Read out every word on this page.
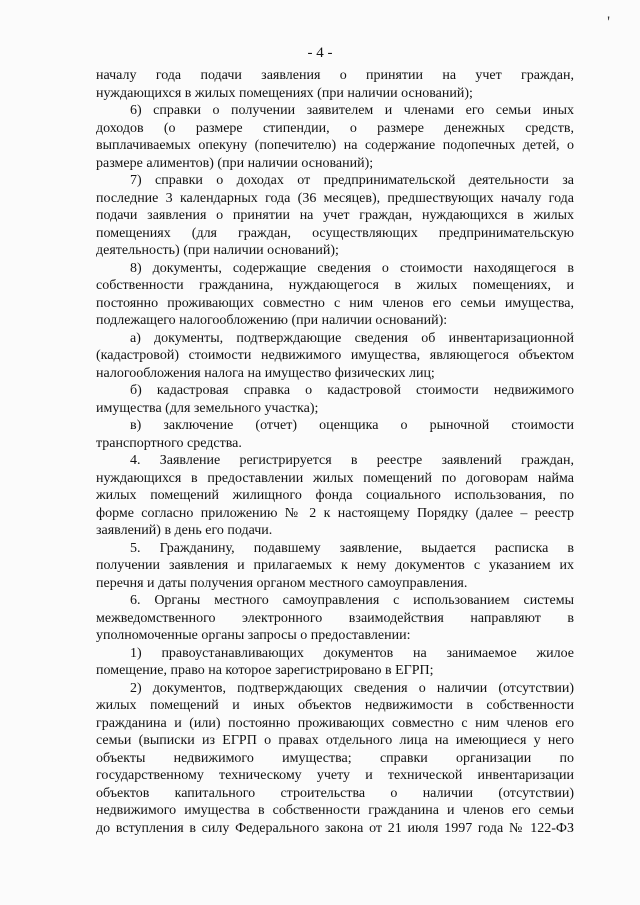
'
- 4 -
началу года подачи заявления о принятии на учет граждан,
нуждающихся в жилых помещениях (при наличии оснований);
6) справки о получении заявителем и членами его семьи иных
доходов (о размере стипендии, о размере денежных средств,
выплачиваемых опекуну (попечителю) на содержание подопечных детей, о
размере алиментов) (при наличии оснований);
7) справки о доходах от предпринимательской деятельности за
последние 3 календарных года (36 месяцев), предшествующих началу года
подачи заявления о принятии на учет граждан, нуждающихся в жилых
помещениях (для граждан, осуществляющих предпринимательскую
деятельность) (при наличии оснований);
8) документы, содержащие сведения о стоимости находящегося в
собственности гражданина, нуждающегося в жилых помещениях, и
постоянно проживающих совместно с ним членов его семьи имущества,
подлежащего налогообложению (при наличии оснований):
а) документы, подтверждающие сведения об инвентаризационной
(кадастровой) стоимости недвижимого имущества, являющегося объектом
налогообложения налога на имущество физических лиц;
б) кадастровая справка о кадастровой стоимости недвижимого
имущества (для земельного участка);
в) заключение (отчет) оценщика о рыночной стоимости
транспортного средства.
4. Заявление регистрируется в реестре заявлений граждан,
нуждающихся в предоставлении жилых помещений по договорам найма
жилых помещений жилищного фонда социального использования, по
форме согласно приложению № 2 к настоящему Порядку (далее – реестр
заявлений) в день его подачи.
5. Гражданину, подавшему заявление, выдается расписка в
получении заявления и прилагаемых к нему документов с указанием их
перечня и даты получения органом местного самоуправления.
6. Органы местного самоуправления с использованием системы
межведомственного электронного взаимодействия направляют в
уполномоченные органы запросы о предоставлении:
1) правоустанавливающих документов на занимаемое жилое
помещение, право на которое зарегистрировано в ЕГРП;
2) документов, подтверждающих сведения о наличии (отсутствии)
жилых помещений и иных объектов недвижимости в собственности
гражданина и (или) постоянно проживающих совместно с ним членов его
семьи (выписки из ЕГРП о правах отдельного лица на имеющиеся у него
объекты недвижимого имущества; справки организации по
государственному техническому учету и технической инвентаризации
объектов капитального строительства о наличии (отсутствии)
недвижимого имущества в собственности гражданина и членов его семьи
до вступления в силу Федерального закона от 21 июля 1997 года № 122-ФЗ
